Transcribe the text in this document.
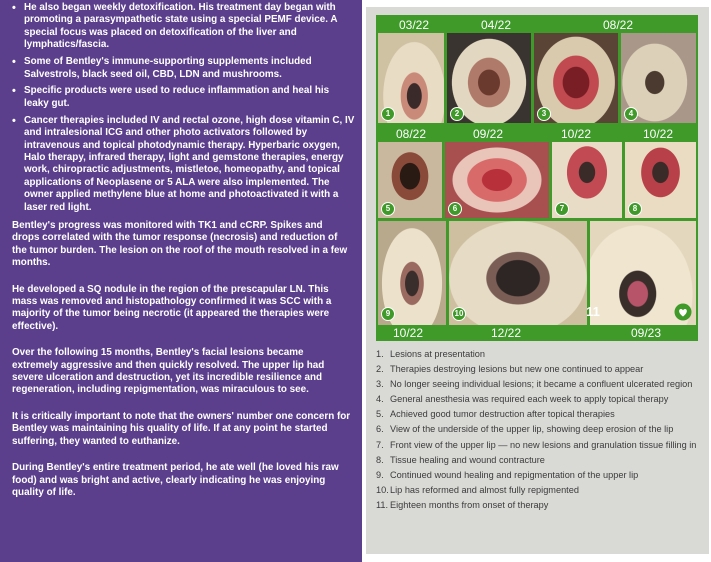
• He also began weekly detoxification. His treatment day began with promoting a parasympathetic state using a special PEMF device. A special focus was placed on detoxification of the liver and lymphatics/fascia.
• Some of Bentley's immune-supporting supplements included Salvestrols, black seed oil, CBD, LDN and mushrooms.
• Specific products were used to reduce inflammation and heal his leaky gut.
• Cancer therapies included IV and rectal ozone, high dose vitamin C, IV and intralesional ICG and other photo activators followed by intravenous and topical photodynamic therapy. Hyperbaric oxygen, Halo therapy, infrared therapy, light and gemstone therapies, energy work, chiropractic adjustments, mistletoe, homeopathy, and topical applications of Neoplasene or 5 ALA were also implemented. The owner applied methylene blue at home and photoactivated it with a laser red light.

Bentley's progress was monitored with TK1 and cCRP. Spikes and drops correlated with the tumor response (necrosis) and reduction of the tumor burden. The lesion on the roof of the mouth resolved in a few months.

He developed a SQ nodule in the region of the prescapular LN. This mass was removed and histopathology confirmed it was SCC with a majority of the tumor being necrotic (it appeared the therapies were effective).

Over the following 15 months, Bentley's facial lesions became extremely aggressive and then quickly resolved. The upper lip had severe ulceration and destruction, yet its incredible resilience and regeneration, including repigmentation, was miraculous to see.

It is critically important to note that the owners' number one concern for Bentley was maintaining his quality of life. If at any point he started suffering, they wanted to euthanize.

During Bentley's entire treatment period, he ate well (he loved his raw food) and was bright and active, clearly indicating he was enjoying quality of life.

03/22	04/22	08/22
1	2	3	4
08/22	09/22	10/22	10/22
5	6	7	8
9	10	11
10/22	12/22	09/23
1. Lesions at presentation
2. Therapies destroying lesions but new one continued to appear
3. No longer seeing individual lesions; it became a confluent ulcerated region
4. General anesthesia was required each week to apply topical therapy
5. Achieved good tumor destruction after topical therapies
6. View of the underside of the upper lip, showing deep erosion of the lip
7. Front view of the upper lip — no new lesions and granulation tissue filling in
8. Tissue healing and wound contracture
9. Continued wound healing and repigmentation of the upper lip
10. Lip has reformed and almost fully repigmented
11. Eighteen months from onset of therapy
